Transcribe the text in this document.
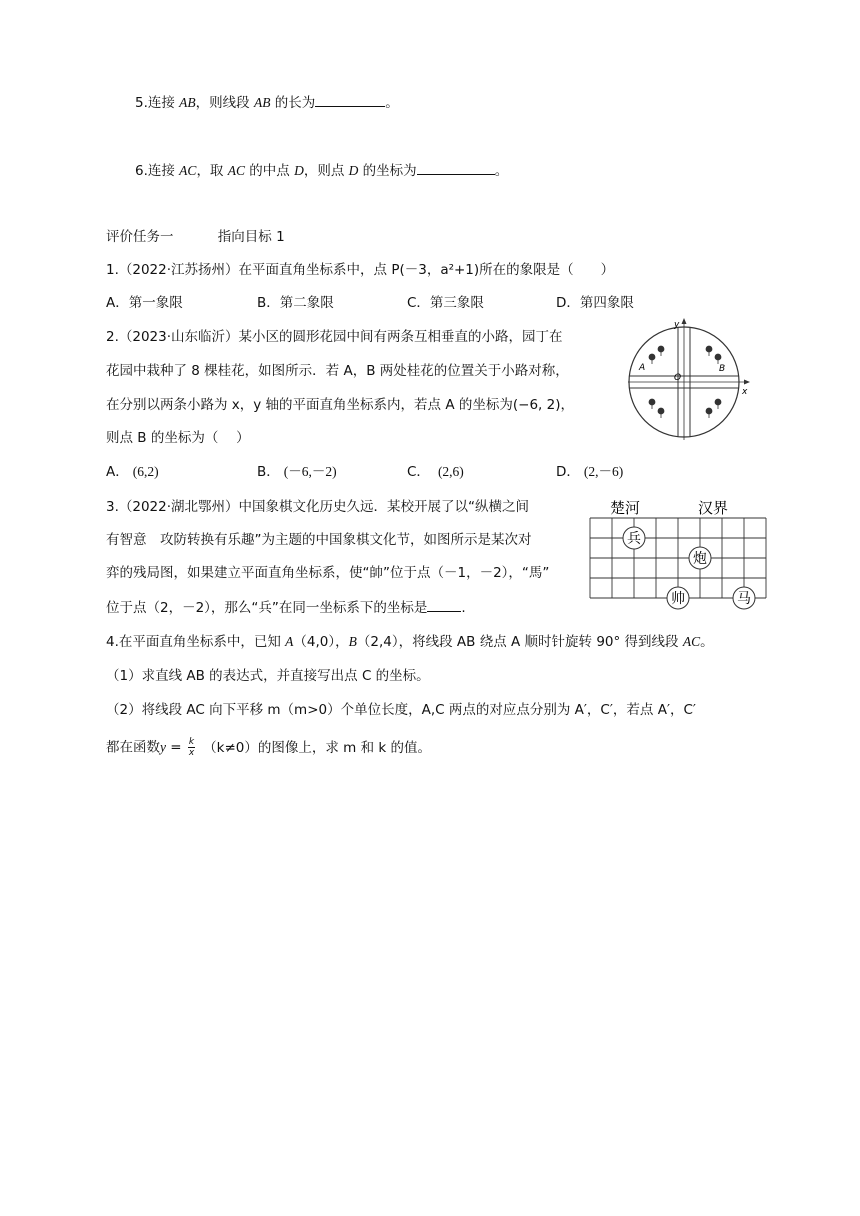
5.连接 AB，则线段 AB 的长为	。
6.连接 AC，取 AC 的中点 D，则点 D 的坐标为	。
评价任务一	指向目标 1
1.（2022·江苏扬州）在平面直角坐标系中，点 P(－3，a²+1)所在的象限是（　　）
A．第一象限	B．第二象限	C．第三象限	D．第四象限
2.（2023·山东临沂）某小区的圆形花园中间有两条互相垂直的小路，园丁在
花园中栽种了 8 棵桂花，如图所示．若 A，B 两处桂花的位置关于小路对称，
在分别以两条小路为 x，y 轴的平面直角坐标系内，若点 A 的坐标为(−6, 2)，
则点 B 的坐标为（　 ）
A． (6,2)	B． (－6,－2)	C． (2,6)	D． (2,－6)
y
x
O
A	B
3.（2022·湖北鄂州）中国象棋文化历史久远．某校开展了以“纵横之间
有智意　攻防转换有乐趣”为主题的中国象棋文化节，如图所示是某次对
弈的残局图，如果建立平面直角坐标系，使“帥”位于点（－1，－2），“馬”
位于点（2，－2），那么“兵”在同一坐标系下的坐标是	.
楚河	汉界
兵
炮
帅	马
4.在平面直角坐标系中，已知 A（4,0），B（2,4），将线段 AB 绕点 A 顺时针旋转 90° 得到线段 AC。
（1）求直线 AB 的表达式，并直接写出点 C 的坐标。
（2）将线段 AC 向下平移 m（m>0）个单位长度，A,C 两点的对应点分别为 A′，C′，若点 A′，C′
都在函数$y = \frac{k}{x} (k\ne 0)$的图像上，求 m 和 k 的值。
